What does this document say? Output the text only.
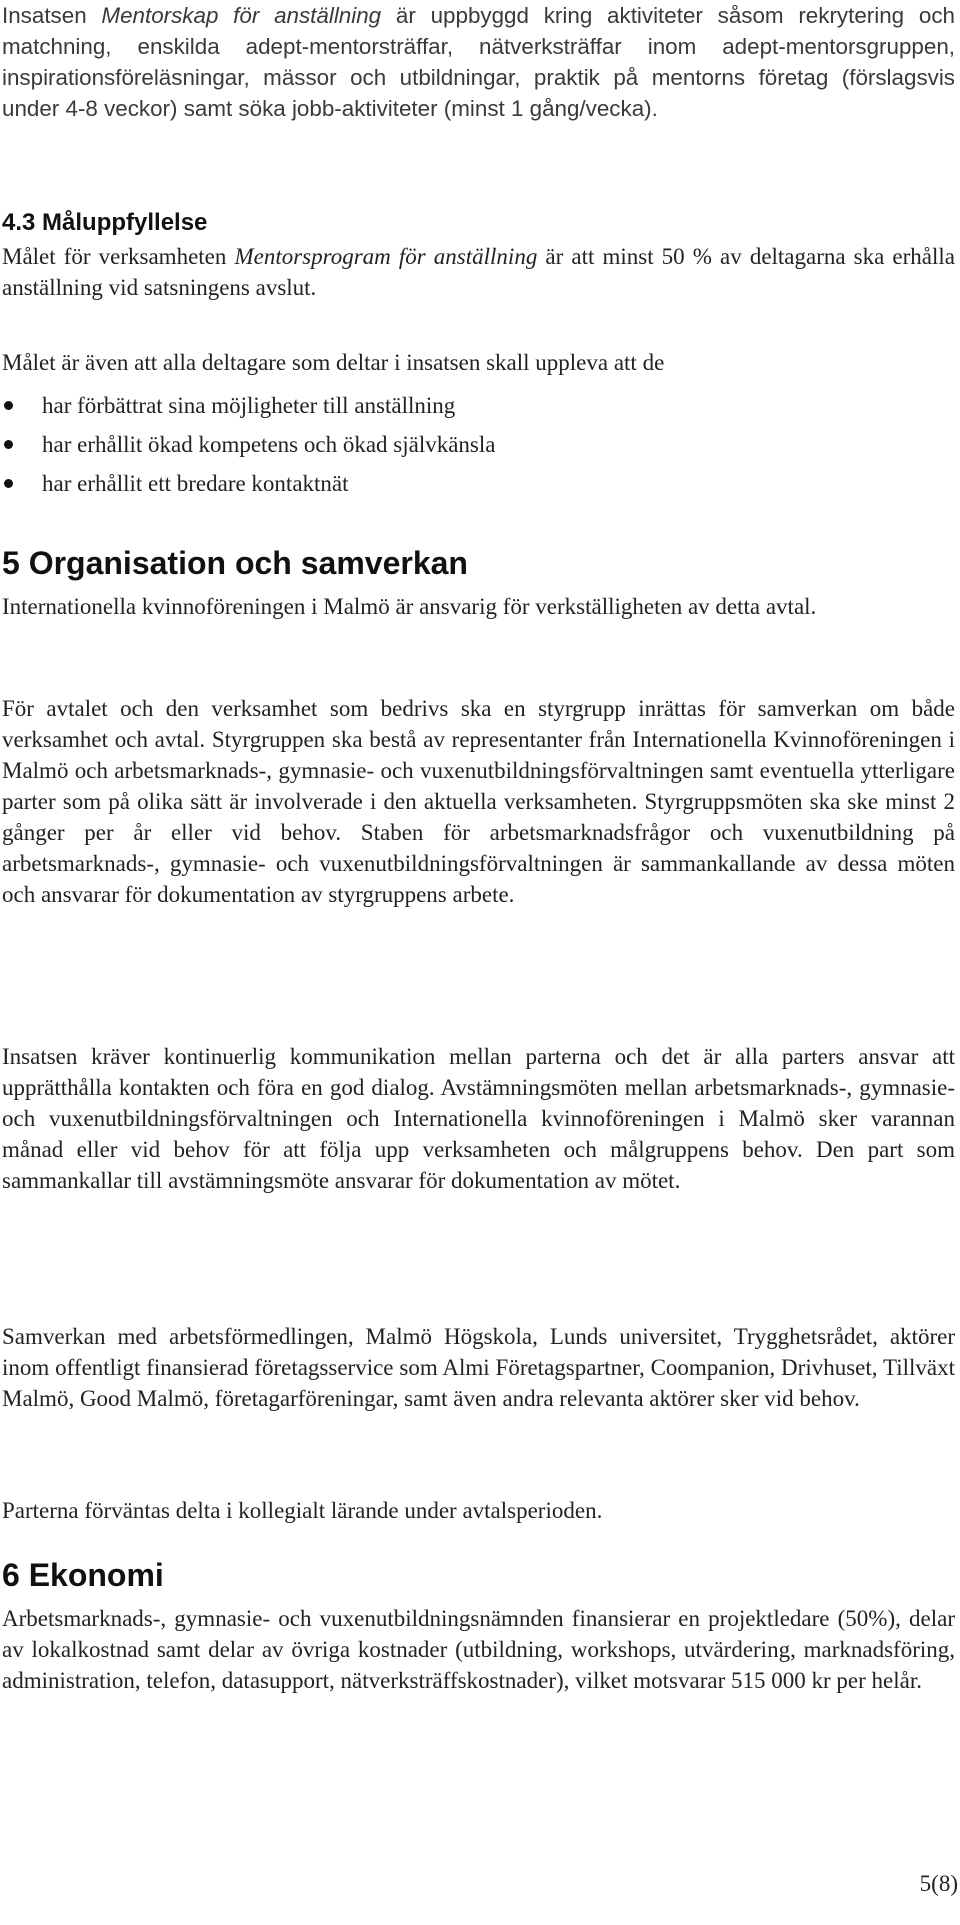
Insatsen Mentorskap för anställning är uppbyggd kring aktiviteter såsom rekrytering och matchning, enskilda adept-mentorsträffar, nätverksträffar inom adept-mentorsgruppen, inspirationsföreläsningar, mässor och utbildningar, praktik på mentorns företag (förslagsvis under 4-8 veckor) samt söka jobb-aktiviteter (minst 1 gång/vecka).

4.3 Måluppfyllelse

Målet för verksamheten Mentorsprogram för anställning är att minst 50 % av deltagarna ska erhålla anställning vid satsningens avslut.

Målet är även att alla deltagare som deltar i insatsen skall uppleva att de

har förbättrat sina möjligheter till anställning
har erhållit ökad kompetens och ökad självkänsla
har erhållit ett bredare kontaktnät
5 Organisation och samverkan

Internationella kvinnoföreningen i Malmö är ansvarig för verkställigheten av detta avtal.

För avtalet och den verksamhet som bedrivs ska en styrgrupp inrättas för samverkan om både verksamhet och avtal. Styrgruppen ska bestå av representanter från Internationella Kvinnoföreningen i Malmö och arbetsmarknads-, gymnasie- och vuxenutbildningsförvaltningen samt eventuella ytterligare parter som på olika sätt är involverade i den aktuella verksamheten. Styrgruppsmöten ska ske minst 2 gånger per år eller vid behov. Staben för arbetsmarknadsfrågor och vuxenutbildning på arbetsmarknads-, gymnasie- och vuxenutbildningsförvaltningen är sammankallande av dessa möten och ansvarar för dokumentation av styrgruppens arbete.

Insatsen kräver kontinuerlig kommunikation mellan parterna och det är alla parters ansvar att upprätthålla kontakten och föra en god dialog. Avstämningsmöten mellan arbetsmarknads-, gymnasie- och vuxenutbildningsförvaltningen och Internationella kvinnoföreningen i Malmö sker varannan månad eller vid behov för att följa upp verksamheten och målgruppens behov. Den part som sammankallar till avstämningsmöte ansvarar för dokumentation av mötet.

Samverkan med arbetsförmedlingen, Malmö Högskola, Lunds universitet, Trygghetsrådet, aktörer inom offentligt finansierad företagsservice som Almi Företagspartner, Coompanion, Drivhuset, Tillväxt Malmö, Good Malmö, företagarföreningar, samt även andra relevanta aktörer sker vid behov.

Parterna förväntas delta i kollegialt lärande under avtalsperioden.

6 Ekonomi

Arbetsmarknads-, gymnasie- och vuxenutbildningsnämnden finansierar en projektledare (50%), delar av lokalkostnad samt delar av övriga kostnader (utbildning, workshops, utvärdering, marknadsföring, administration, telefon, datasupport, nätverksträffskostnader), vilket motsvarar 515 000 kr per helår.

5(8)
